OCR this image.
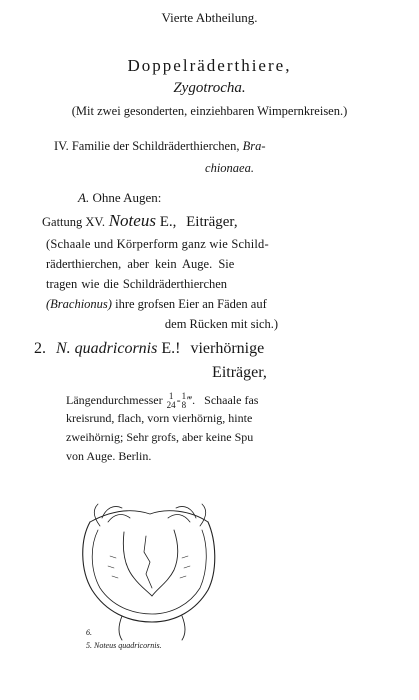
Vierte Abtheilung.
Doppelräderthiere,
Zygotrocha.
(Mit zwei gesonderten, einziehbaren Wimpernkreisen.)
IV. Familie der Schildräderthierchen, Bra-
chionaea.
A. Ohne Augen:
Gattung XV. Noteus E., Eiträger,
(Schaale und Körperform ganz wie Schild-
räderthierchen, aber kein Auge. Sie
tragen wie die Schildräderthierchen
(Brachionus) ihre grofsen Eier an Fäden auf
dem Rücken mit sich.)
2. N. quadricornis E.! vierhörnige
Eiträger,
Längendurchmesser 1
24 - 1
8 ‴. Schaale fas
kreisrund, flach, vorn vierhörnig, hinte
zweihörnig; Sehr grofs, aber keine Spu
von Auge. Berlin.
6.
5. Noteus quadricornis.
